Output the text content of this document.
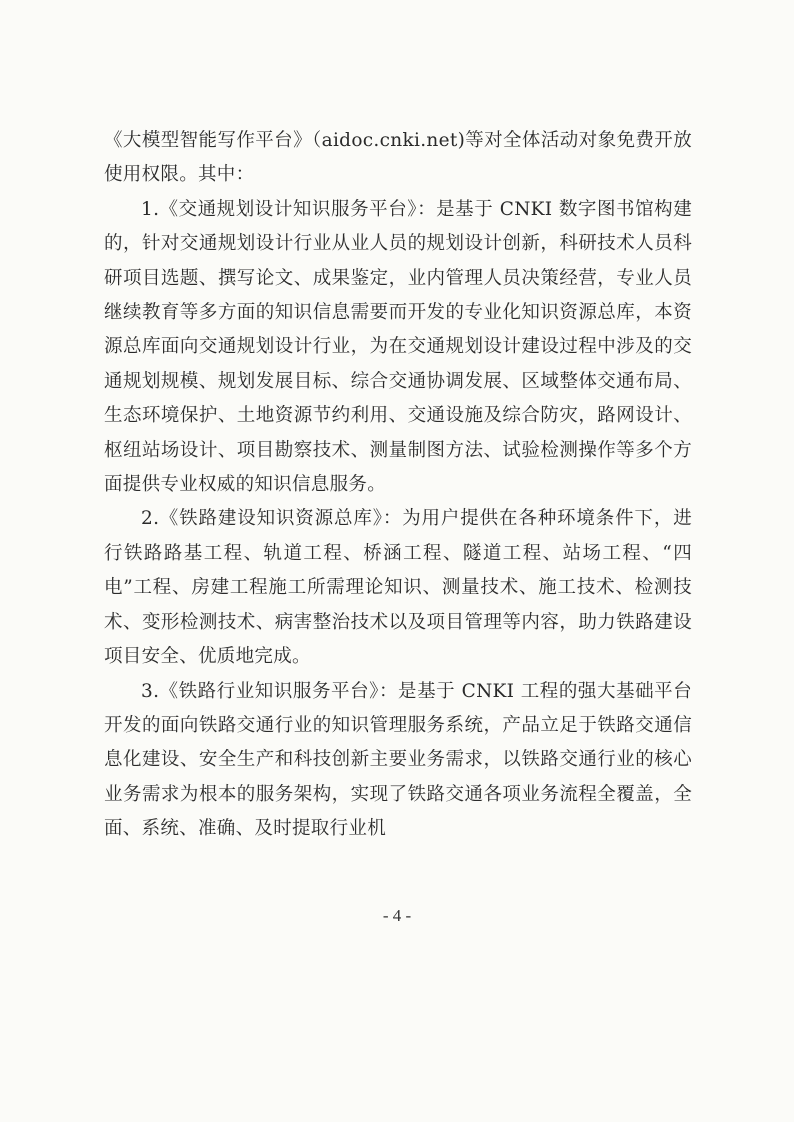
《大模型智能写作平台》（aidoc.cnki.net)等对全体活动对象免费开放使用权限。其中：

1.《交通规划设计知识服务平台》：是基于 CNKI 数字图书馆构建的，针对交通规划设计行业从业人员的规划设计创新，科研技术人员科研项目选题、撰写论文、成果鉴定，业内管理人员决策经营，专业人员继续教育等多方面的知识信息需要而开发的专业化知识资源总库，本资源总库面向交通规划设计行业，为在交通规划设计建设过程中涉及的交通规划规模、规划发展目标、综合交通协调发展、区域整体交通布局、生态环境保护、土地资源节约利用、交通设施及综合防灾，路网设计、枢纽站场设计、项目勘察技术、测量制图方法、试验检测操作等多个方面提供专业权威的知识信息服务。

2.《铁路建设知识资源总库》：为用户提供在各种环境条件下，进行铁路路基工程、轨道工程、桥涵工程、隧道工程、站场工程、“四电”工程、房建工程施工所需理论知识、测量技术、施工技术、检测技术、变形检测技术、病害整治技术以及项目管理等内容，助力铁路建设项目安全、优质地完成。

3.《铁路行业知识服务平台》：是基于 CNKI 工程的强大基础平台开发的面向铁路交通行业的知识管理服务系统，产品立足于铁路交通信息化建设、安全生产和科技创新主要业务需求，以铁路交通行业的核心业务需求为根本的服务架构，实现了铁路交通各项业务流程全覆盖，全面、系统、准确、及时提取行业机

- 4 -
